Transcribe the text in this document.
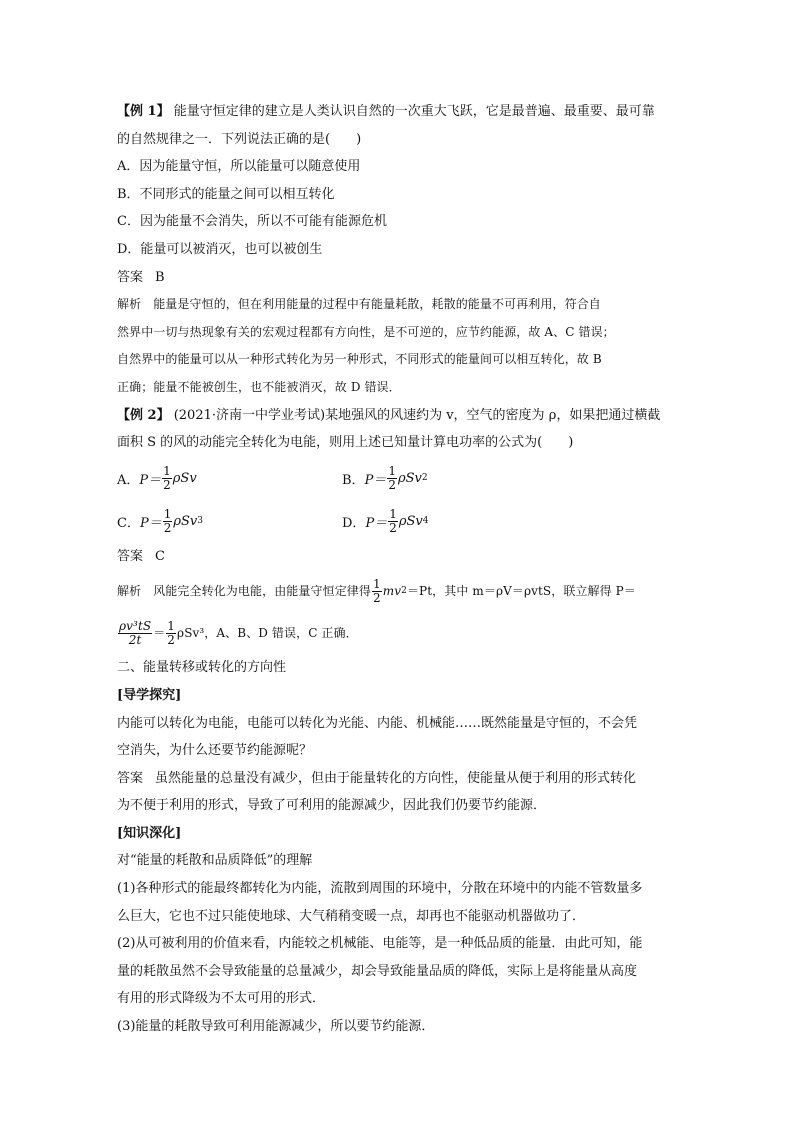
【例 1】 能量守恒定律的建立是人类认识自然的一次重大飞跃，它是最普遍、最重要、最可靠
的自然规律之一．下列说法正确的是(　　)
A．因为能量守恒，所以能量可以随意使用
B．不同形式的能量之间可以相互转化
C．因为能量不会消失，所以不可能有能源危机
D．能量可以被消灭，也可以被创生
答案 B
解析 能量是守恒的，但在利用能量的过程中有能量耗散，耗散的能量不可再利用，符合自
然界中一切与热现象有关的宏观过程都有方向性，是不可逆的，应节约能源，故 A、C 错误；
自然界中的能量可以从一种形式转化为另一种形式，不同形式的能量间可以相互转化，故 B
正确；能量不能被创生，也不能被消灭，故 D 错误．
【例 2】 (2021·济南一中学业考试)某地强风的风速约为 v，空气的密度为 ρ，如果把通过横截
面积 S 的风的动能完全转化为电能，则用上述已知量计算电功率的公式为(　　)
A． $P= \frac{1}{2}$ ρSv	B． $P= \frac{1}{2}$ ρSv 2
C． $P= \frac{1}{2}$ ρSv 3	D． $P= \frac{1}{2}$ ρSv 4
答案 C
解析 风能完全转化为电能，由能量守恒定律得 $\frac{1}{2}$ mv 2 ＝Pt，其中 m＝ρV＝ρvtS，联立解得 P＝
$\frac{\text{ρv³tS}}{2t} = \frac{1}{2} \rho Sv^3$，A、B、D 错误，C 正确．
二、能量转移或转化的方向性
[导学探究]
内能可以转化为电能，电能可以转化为光能、内能、机械能……既然能量是守恒的，不会凭
空消失，为什么还要节约能源呢？
答案 虽然能量的总量没有减少，但由于能量转化的方向性，使能量从便于利用的形式转化
为不便于利用的形式，导致了可利用的能源减少，因此我们仍要节约能源．
[知识深化]
对“能量的耗散和品质降低”的理解
(1)各种形式的能最终都转化为内能，流散到周围的环境中，分散在环境中的内能不管数量多
么巨大，它也不过只能使地球、大气稍稍变暖一点，却再也不能驱动机器做功了．
(2)从可被利用的价值来看，内能较之机械能、电能等，是一种低品质的能量．由此可知，能
量的耗散虽然不会导致能量的总量减少，却会导致能量品质的降低，实际上是将能量从高度
有用的形式降级为不太可用的形式．
(3)能量的耗散导致可利用能源减少，所以要节约能源．
